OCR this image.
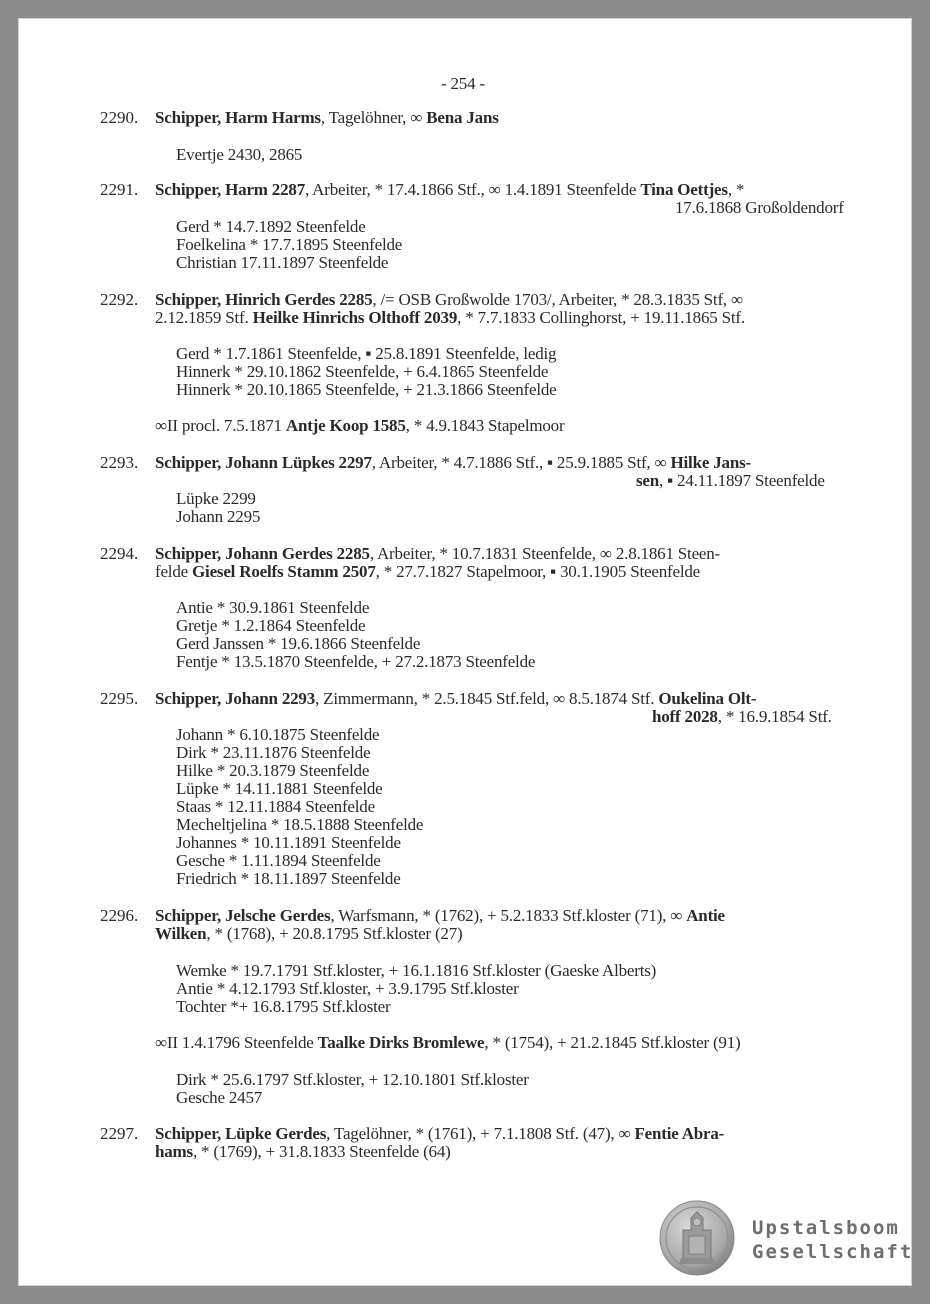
- 254 -
2290. Schipper, Harm Harms, Tagelöhner, ∞ Bena Jans
Evertje 2430, 2865
2291. Schipper, Harm 2287, Arbeiter, * 17.4.1866 Stf., ∞ 1.4.1891 Steenfelde Tina Oettjes, *
17.6.1868 Großoldendorf
Gerd * 14.7.1892 Steenfelde
Foelkelina * 17.7.1895 Steenfelde
Christian 17.11.1897 Steenfelde
2292. Schipper, Hinrich Gerdes 2285, /= OSB Großwolde 1703/, Arbeiter, * 28.3.1835 Stf, ∞
2.12.1859 Stf. Heilke Hinrichs Olthoff 2039, * 7.7.1833 Collinghorst, + 19.11.1865 Stf.
Gerd * 1.7.1861 Steenfelde, ▪ 25.8.1891 Steenfelde, ledig
Hinnerk * 29.10.1862 Steenfelde, + 6.4.1865 Steenfelde
Hinnerk * 20.10.1865 Steenfelde, + 21.3.1866 Steenfelde
∞II procl. 7.5.1871 Antje Koop 1585, * 4.9.1843 Stapelmoor
2293. Schipper, Johann Lüpkes 2297, Arbeiter, * 4.7.1886 Stf., ▪ 25.9.1885 Stf, ∞ Hilke Jans-
sen, ▪ 24.11.1897 Steenfelde
Lüpke 2299
Johann 2295
2294. Schipper, Johann Gerdes 2285, Arbeiter, * 10.7.1831 Steenfelde, ∞ 2.8.1861 Steen-
felde Giesel Roelfs Stamm 2507, * 27.7.1827 Stapelmoor, ▪ 30.1.1905 Steenfelde
Antie * 30.9.1861 Steenfelde
Gretje * 1.2.1864 Steenfelde
Gerd Janssen * 19.6.1866 Steenfelde
Fentje * 13.5.1870 Steenfelde, + 27.2.1873 Steenfelde
2295. Schipper, Johann 2293, Zimmermann, * 2.5.1845 Stf.feld, ∞ 8.5.1874 Stf. Oukelina Olt-
hoff 2028, * 16.9.1854 Stf.
Johann * 6.10.1875 Steenfelde
Dirk * 23.11.1876 Steenfelde
Hilke * 20.3.1879 Steenfelde
Lüpke * 14.11.1881 Steenfelde
Staas * 12.11.1884 Steenfelde
Mecheltjelina * 18.5.1888 Steenfelde
Johannes * 10.11.1891 Steenfelde
Gesche * 1.11.1894 Steenfelde
Friedrich * 18.11.1897 Steenfelde
2296. Schipper, Jelsche Gerdes, Warfsmann, * (1762), + 5.2.1833 Stf.kloster (71), ∞ Antie
Wilken, * (1768), + 20.8.1795 Stf.kloster (27)
Wemke * 19.7.1791 Stf.kloster, + 16.1.1816 Stf.kloster (Gaeske Alberts)
Antie * 4.12.1793 Stf.kloster, + 3.9.1795 Stf.kloster
Tochter *+ 16.8.1795 Stf.kloster
∞II 1.4.1796 Steenfelde Taalke Dirks Bromlewe, * (1754), + 21.2.1845 Stf.kloster (91)
Dirk * 25.6.1797 Stf.kloster, + 12.10.1801 Stf.kloster
Gesche 2457
2297. Schipper, Lüpke Gerdes, Tagelöhner, * (1761), + 7.1.1808 Stf. (47), ∞ Fentie Abra-
hams, * (1769), + 31.8.1833 Steenfelde (64)
Upstalsboom
Gesellschaft
